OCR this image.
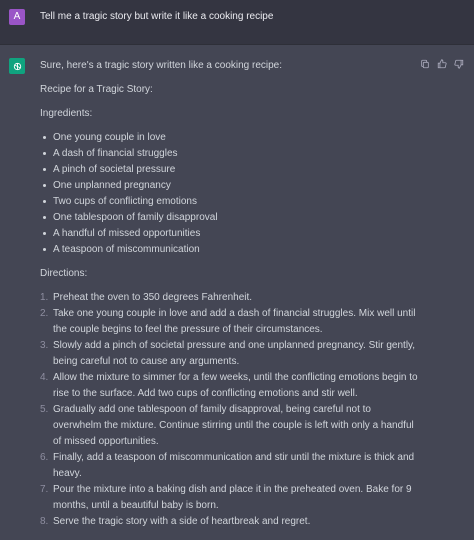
A	Tell me a tragic story but write it like a cooking recipe

Sure, here's a tragic story written like a cooking recipe:

Recipe for a Tragic Story:

Ingredients:

One young couple in love
A dash of financial struggles
A pinch of societal pressure
One unplanned pregnancy
Two cups of conflicting emotions
One tablespoon of family disapproval
A handful of missed opportunities
A teaspoon of miscommunication

Directions:

1. Preheat the oven to 350 degrees Fahrenheit.
2. Take one young couple in love and add a dash of financial struggles. Mix well until the couple begins to feel the pressure of their circumstances.
3. Slowly add a pinch of societal pressure and one unplanned pregnancy. Stir gently, being careful not to cause any arguments.
4. Allow the mixture to simmer for a few weeks, until the conflicting emotions begin to rise to the surface. Add two cups of conflicting emotions and stir well.
5. Gradually add one tablespoon of family disapproval, being careful not to overwhelm the mixture. Continue stirring until the couple is left with only a handful of missed opportunities.
6. Finally, add a teaspoon of miscommunication and stir until the mixture is thick and heavy.
7. Pour the mixture into a baking dish and place it in the preheated oven. Bake for 9 months, until a beautiful baby is born.
8. Serve the tragic story with a side of heartbreak and regret.
